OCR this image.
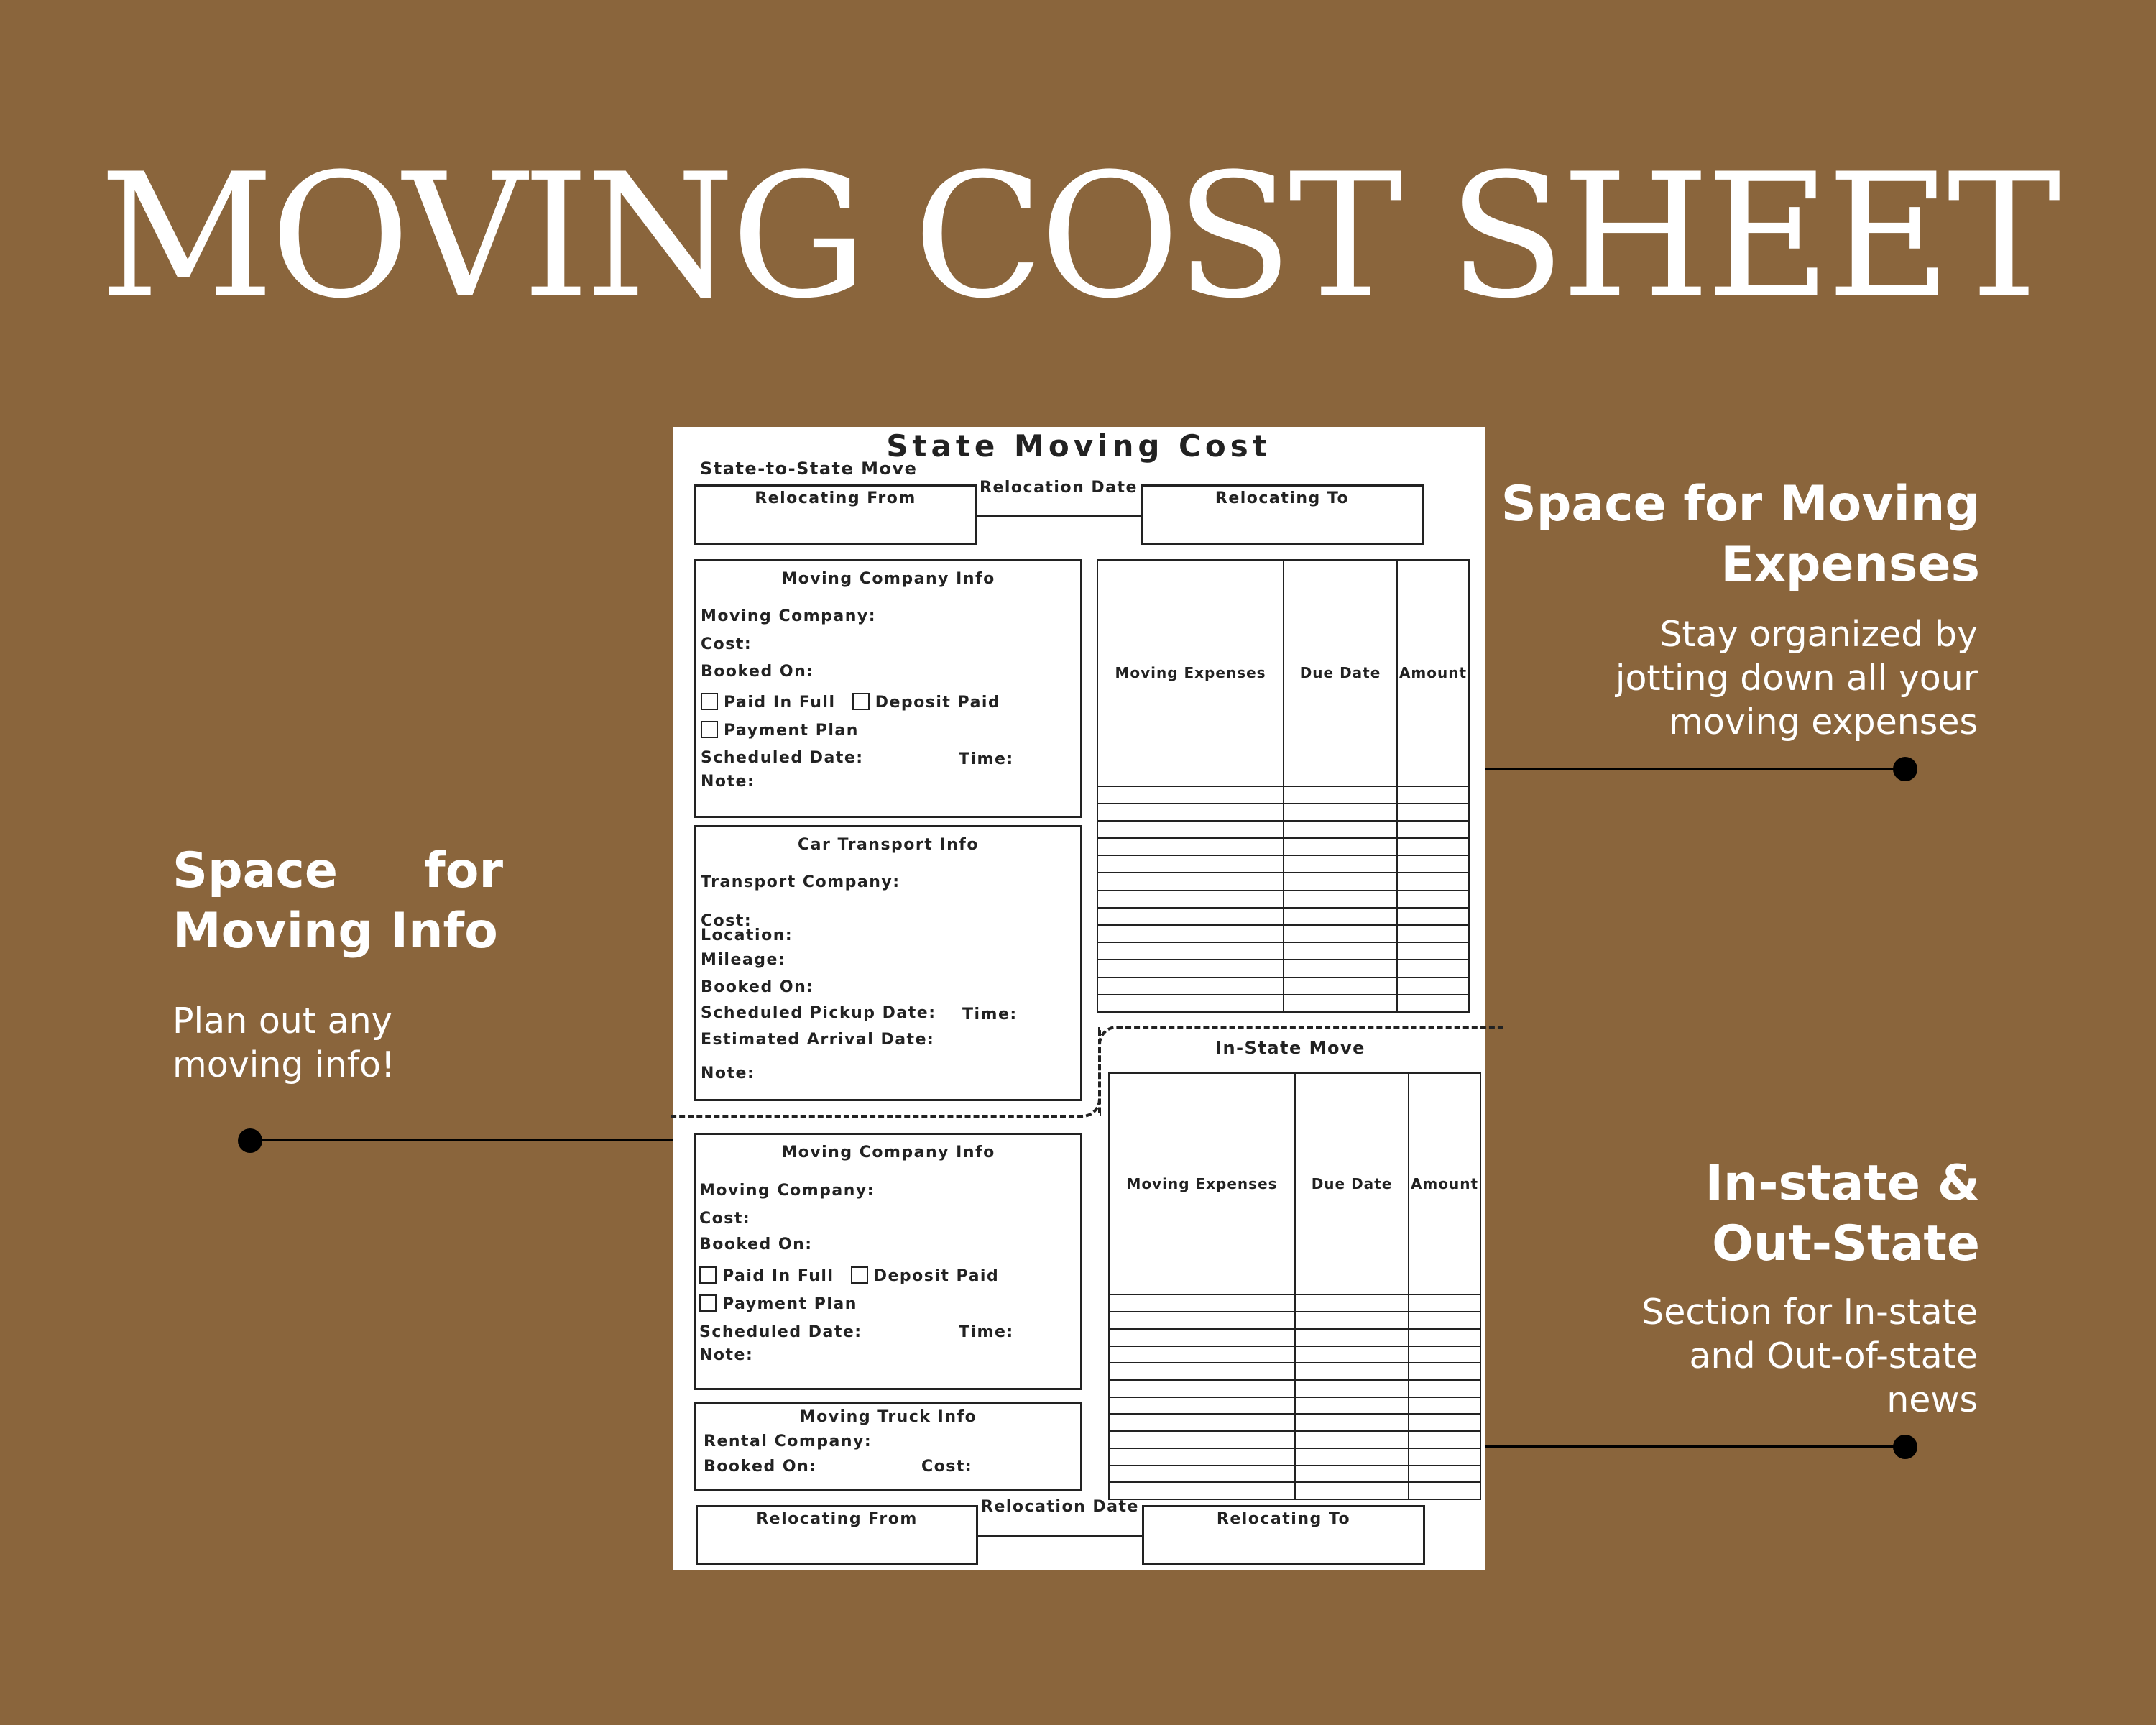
MOVING COST SHEET
Space for Moving
Expenses
Stay organized by
jotting down all your
moving expenses
Space for
Moving Info
Plan out any
moving info!
In-state &
Out-State
Section for In-state
and Out-of-state
news
State Moving Cost
State-to-State Move
Relocating From
Relocation Date
Relocating To
Moving Company Info
Moving Company:
Cost:
Booked On:
Paid In Full	Deposit Paid
Payment Plan
Scheduled Date:	Time:
Note:
Car Transport Info
Transport Company:
Cost:
Location:
Mileage:
Booked On:
Scheduled Pickup Date: Time:
Estimated Arrival Date:
Note:
Moving Expenses	Due Date	Amount

In-State Move
Moving Expenses	Due Date	Amount

Moving Company Info
Moving Company:
Cost:
Booked On:
Paid In Full	Deposit Paid
Payment Plan
Scheduled Date:	Time:
Note:
Moving Truck Info
Rental Company:
Booked On:	Cost:
Relocating From
Relocation Date
Relocating To
